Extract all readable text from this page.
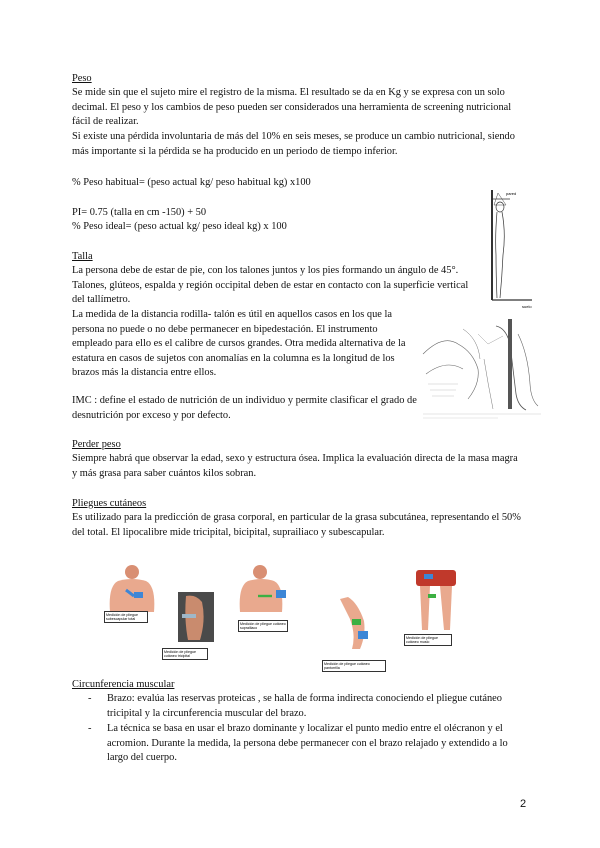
Peso

Se mide sin que el sujeto mire el registro de la misma. El resultado se da en Kg y se expresa con un solo decimal. El peso y los cambios de peso pueden ser considerados una herramienta de screening nutricional fácil de realizar.

Si existe una pérdida involuntaria de más del 10% en seis meses, se produce un cambio nutricional, siendo más importante si la pérdida se ha producido en un periodo de tiempo inferior.

% Peso habitual= (peso actual kg/ peso habitual kg) x100

PI= 0.75 (talla en cm -150) + 50

% Peso ideal= (peso actual kg/ peso ideal kg) x 100

Talla

La persona debe de estar de pie, con los talones juntos y los pies formando un ángulo de 45°. Talones, glúteos, espalda y región occipital deben de estar en contacto con la superficie vertical del tallímetro.

La medida de la distancia rodilla- talón es útil en aquellos casos en los que la persona no puede o no debe permanecer en bipedestación. El instrumento empleado para ello es el calibre de cursos grandes. Otra medida alternativa de la estatura en casos de sujetos con anomalías en la columna es la longitud de los brazos más la distancia entre ellos.

IMC : define el estado de nutrición de un individuo y permite clasificar el grado de desnutrición por exceso y por defecto.

pared
suelo

Perder peso

Siempre habrá que observar la edad, sexo y estructura ósea. Implica la evaluación directa de la masa magra y más grasa para saber cuántos kilos sobran.

Pliegues cutáneos

Es utilizado para la predicción de grasa corporal, en particular de la grasa subcutánea, representando el 50% del total. El lipocalibre mide tricipital, bicipital, suprailiaco y subescapular.

Medición de pliegue subescapular total
Medición de pliegue cutáneo tricipital
Medición de pliegue cutáneo suprailiaco
Medición de pliegue cutáneo pantorrilla
Medición de pliegue cutáneo muslo

Circunferencia muscular

- Brazo: evalúa las reservas proteicas , se halla de forma indirecta conociendo el pliegue cutáneo tricipital y la circunferencia muscular del brazo.
- La técnica se basa en usar el brazo dominante y localizar el punto medio entre el olécranon y el acromion. Durante la medida, la persona debe permanecer con el brazo relajado y extendido a lo largo del cuerpo.
2
